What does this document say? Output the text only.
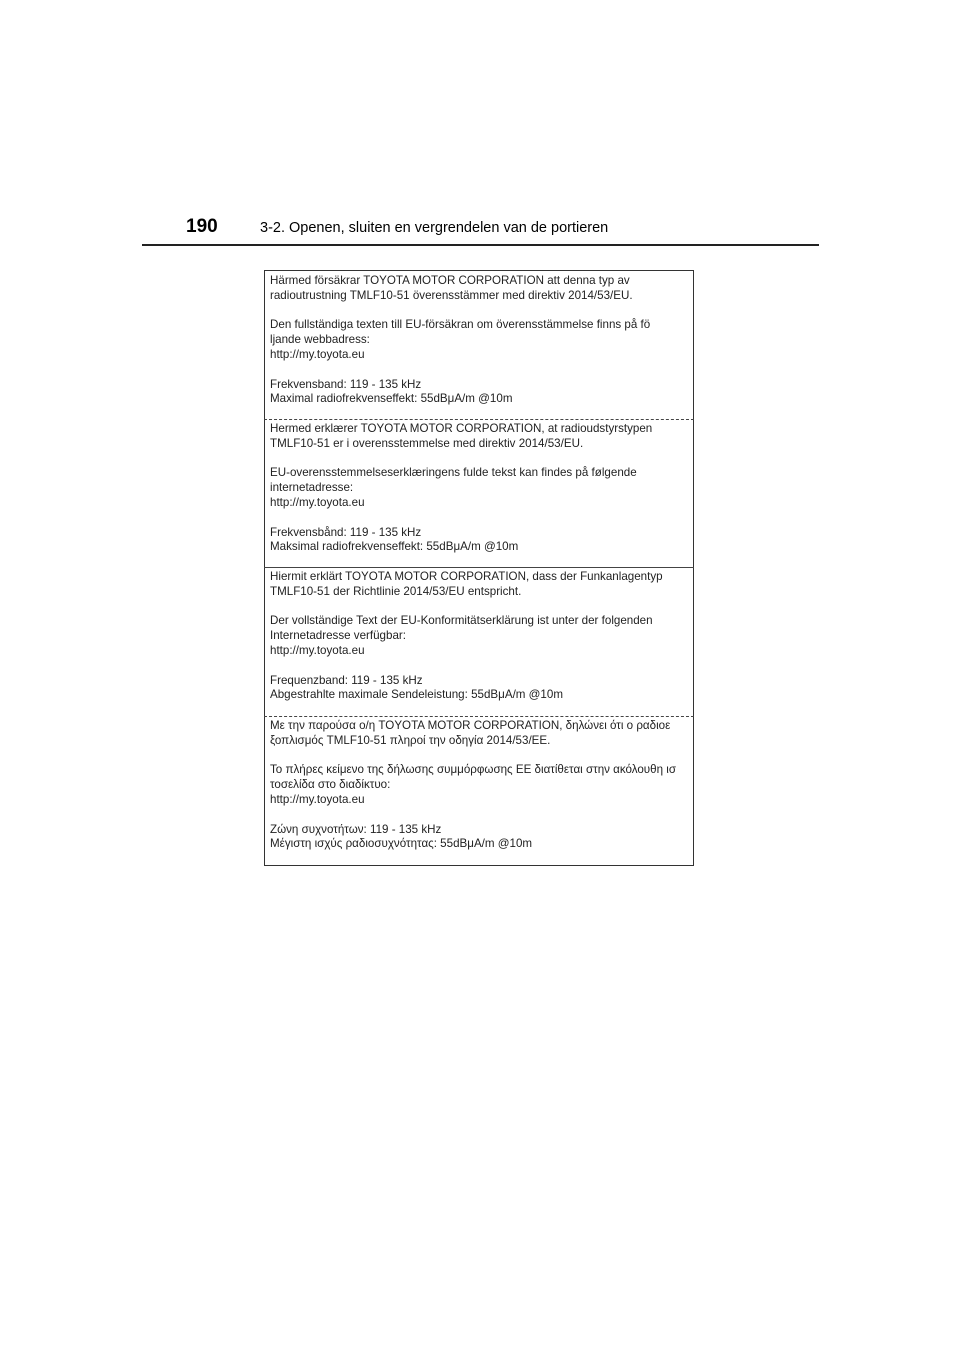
190	3-2. Openen, sluiten en vergrendelen van de portieren

Härmed försäkrar TOYOTA MOTOR CORPORATION att denna typ av

radioutrustning TMLF10-51 överensstämmer med direktiv 2014/53/EU.

Den fullständiga texten till EU-försäkran om överensstämmelse finns på fö

ljande webbadress:

http://my.toyota.eu

Frekvensband: 119 - 135 kHz

Maximal radiofrekvenseffekt: 55dBμA/m @10m

Hermed erklærer TOYOTA MOTOR CORPORATION, at radioudstyrstypen

TMLF10-51 er i overensstemmelse med direktiv 2014/53/EU.

EU-overensstemmelseserklæringens fulde tekst kan findes på følgende

internetadresse:

http://my.toyota.eu

Frekvensbånd: 119 - 135 kHz

Maksimal radiofrekvenseffekt: 55dBμA/m @10m

Hiermit erklärt TOYOTA MOTOR CORPORATION, dass der Funkanlagentyp

TMLF10-51 der Richtlinie 2014/53/EU entspricht.

Der vollständige Text der EU-Konformitätserklärung ist unter der folgenden

Internetadresse verfügbar:

http://my.toyota.eu

Frequenzband: 119 - 135 kHz

Abgestrahlte maximale Sendeleistung: 55dBμA/m @10m

Με την παρούσα ο/η TOYOTA MOTOR CORPORATION, δηλώνει ότι ο ραδιοε

ξοπλισμός TMLF10-51 πληροί την οδηγία 2014/53/ΕΕ.

Το πλήρες κείμενο της δήλωσης συμμόρφωσης ΕΕ διατίθεται στην ακόλουθη ισ

τοσελίδα στο διαδίκτυο:

http://my.toyota.eu

Ζώνη συχνοτήτων: 119 - 135 kHz

Μέγιστη ισχύς ραδιοσυχνότητας: 55dBμA/m @10m
